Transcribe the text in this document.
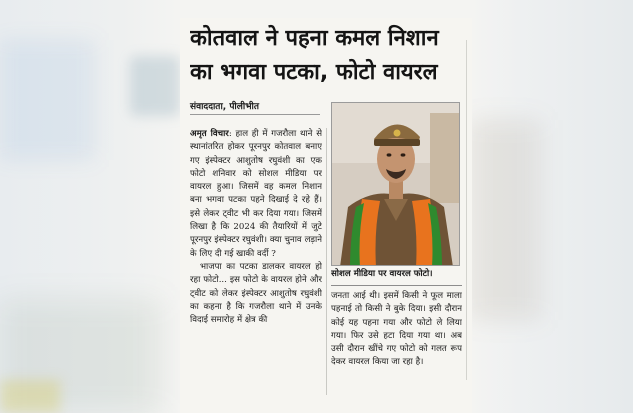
कोतवाल ने पहना कमल निशान
का भगवा पटका, फोटो वायरल
संवाददाता, पीलीभीत

अमृत विचार: हाल ही में गजरौला थाने से स्थानांतरित होकर पूरनपुर कोतवाल बनाए गए इंस्पेक्टर आशुतोष रघुवंशी का एक फोटो शनिवार को सोशल मीडिया पर वायरल हुआ। जिसमें वह कमल निशान बना भगवा पटका पहने दिखाई दे रहे हैं। इसे लेकर ट्वीट भी कर दिया गया। जिसमें लिखा है कि 2024 की तैयारियों में जुटे पूरनपुर इंस्पेक्टर रघुवंशी। क्या चुनाव लड़ाने के लिए दी गई खाकी वर्दी ?

भाजपा का पटका डालकर वायरल हो रहा फोटो... इस फोटो के वायरल होने और ट्वीट को लेकर इंस्पेक्टर आशुतोष रघुवंशी का कहना है कि गजरौला थाने में उनके विदाई समारोह में क्षेत्र की

सोशल मीडिया पर वायरल फोटो।

जनता आई थी। इसमें किसी ने फूल माला पहनाई तो किसी ने बुके दिया। इसी दौरान कोई यह पहना गया और फोटो ले लिया गया। फिर उसे हटा दिया गया था। अब उसी दौरान खींचे गए फोटो को गलत रूप देकर वायरल किया जा रहा है।
